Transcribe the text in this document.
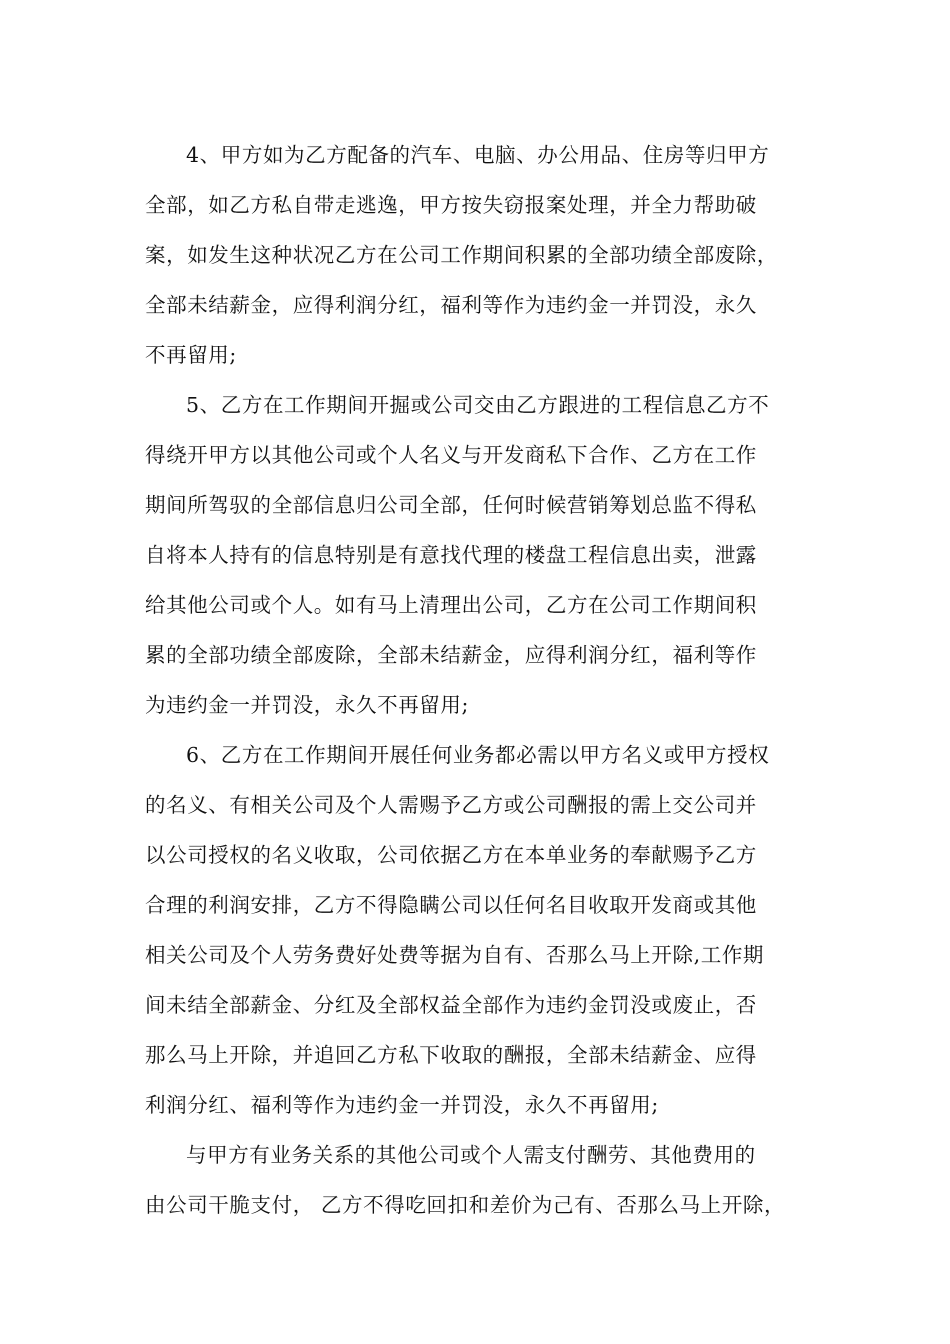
4、甲方如为乙方配备的汽车、电脑、办公用品、住房等归甲方
全部，如乙方私自带走逃逸，甲方按失窃报案处理，并全力帮助破
案，如发生这种状况乙方在公司工作期间积累的全部功绩全部废除，
全部未结薪金，应得利润分红，福利等作为违约金一并罚没，永久
不再留用;
5、乙方在工作期间开掘或公司交由乙方跟进的工程信息乙方不
得绕开甲方以其他公司或个人名义与开发商私下合作、乙方在工作
期间所驾驭的全部信息归公司全部，任何时候营销筹划总监不得私
自将本人持有的信息特别是有意找代理的楼盘工程信息出卖，泄露
给其他公司或个人。如有马上清理出公司，乙方在公司工作期间积
累的全部功绩全部废除，全部未结薪金，应得利润分红，福利等作
为违约金一并罚没，永久不再留用;
6、乙方在工作期间开展任何业务都必需以甲方名义或甲方授权
的名义、有相关公司及个人需赐予乙方或公司酬报的需上交公司并
以公司授权的名义收取，公司依据乙方在本单业务的奉献赐予乙方
合理的利润安排，乙方不得隐瞒公司以任何名目收取开发商或其他
相关公司及个人劳务费好处费等据为自有、否那么马上开除,工作期
间未结全部薪金、分红及全部权益全部作为违约金罚没或废止，否
那么马上开除，并追回乙方私下收取的酬报，全部未结薪金、应得
利润分红、福利等作为违约金一并罚没，永久不再留用;
与甲方有业务关系的其他公司或个人需支付酬劳、其他费用的
由公司干脆支付， 乙方不得吃回扣和差价为己有、否那么马上开除，
